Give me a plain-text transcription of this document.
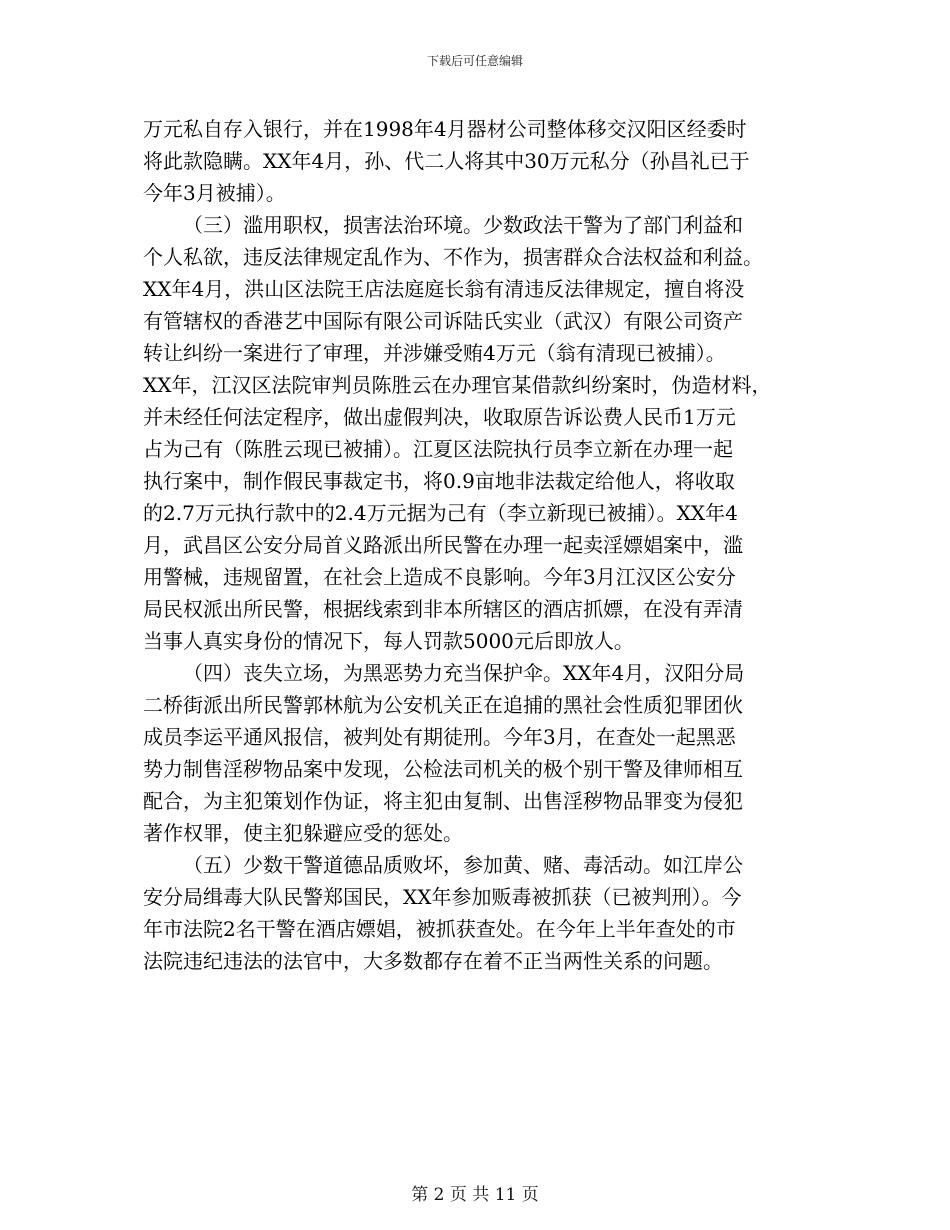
下载后可任意编辑
万元私自存入银行，并在1998年4月器材公司整体移交汉阳区经委时
将此款隐瞒。XX年4月，孙、代二人将其中30万元私分（孙昌礼已于
今年3月被捕）。
（三）滥用职权，损害法治环境。少数政法干警为了部门利益和
个人私欲，违反法律规定乱作为、不作为，损害群众合法权益和利益。
XX年4月，洪山区法院王店法庭庭长翁有清违反法律规定，擅自将没
有管辖权的香港艺中国际有限公司诉陆氏实业（武汉）有限公司资产
转让纠纷一案进行了审理，并涉嫌受贿4万元（翁有清现已被捕）。
XX年，江汉区法院审判员陈胜云在办理官某借款纠纷案时，伪造材料，
并未经任何法定程序，做出虚假判决，收取原告诉讼费人民币1万元
占为己有（陈胜云现已被捕）。江夏区法院执行员李立新在办理一起
执行案中，制作假民事裁定书，将0.9亩地非法裁定给他人，将收取
的2.7万元执行款中的2.4万元据为己有（李立新现已被捕）。XX年4
月，武昌区公安分局首义路派出所民警在办理一起卖淫嫖娼案中，滥
用警械，违规留置，在社会上造成不良影响。今年3月江汉区公安分
局民权派出所民警，根据线索到非本所辖区的酒店抓嫖，在没有弄清
当事人真实身份的情况下，每人罚款5000元后即放人。
（四）丧失立场，为黑恶势力充当保护伞。XX年4月，汉阳分局
二桥街派出所民警郭林航为公安机关正在追捕的黑社会性质犯罪团伙
成员李运平通风报信，被判处有期徒刑。今年3月，在查处一起黑恶
势力制售淫秽物品案中发现，公检法司机关的极个别干警及律师相互
配合，为主犯策划作伪证，将主犯由复制、出售淫秽物品罪变为侵犯
著作权罪，使主犯躲避应受的惩处。
（五）少数干警道德品质败坏，参加黄、赌、毒活动。如江岸公
安分局缉毒大队民警郑国民，XX年参加贩毒被抓获（已被判刑）。今
年市法院2名干警在酒店嫖娼，被抓获查处。在今年上半年查处的市
法院违纪违法的法官中，大多数都存在着不正当两性关系的问题。
第 2 页 共 11 页
